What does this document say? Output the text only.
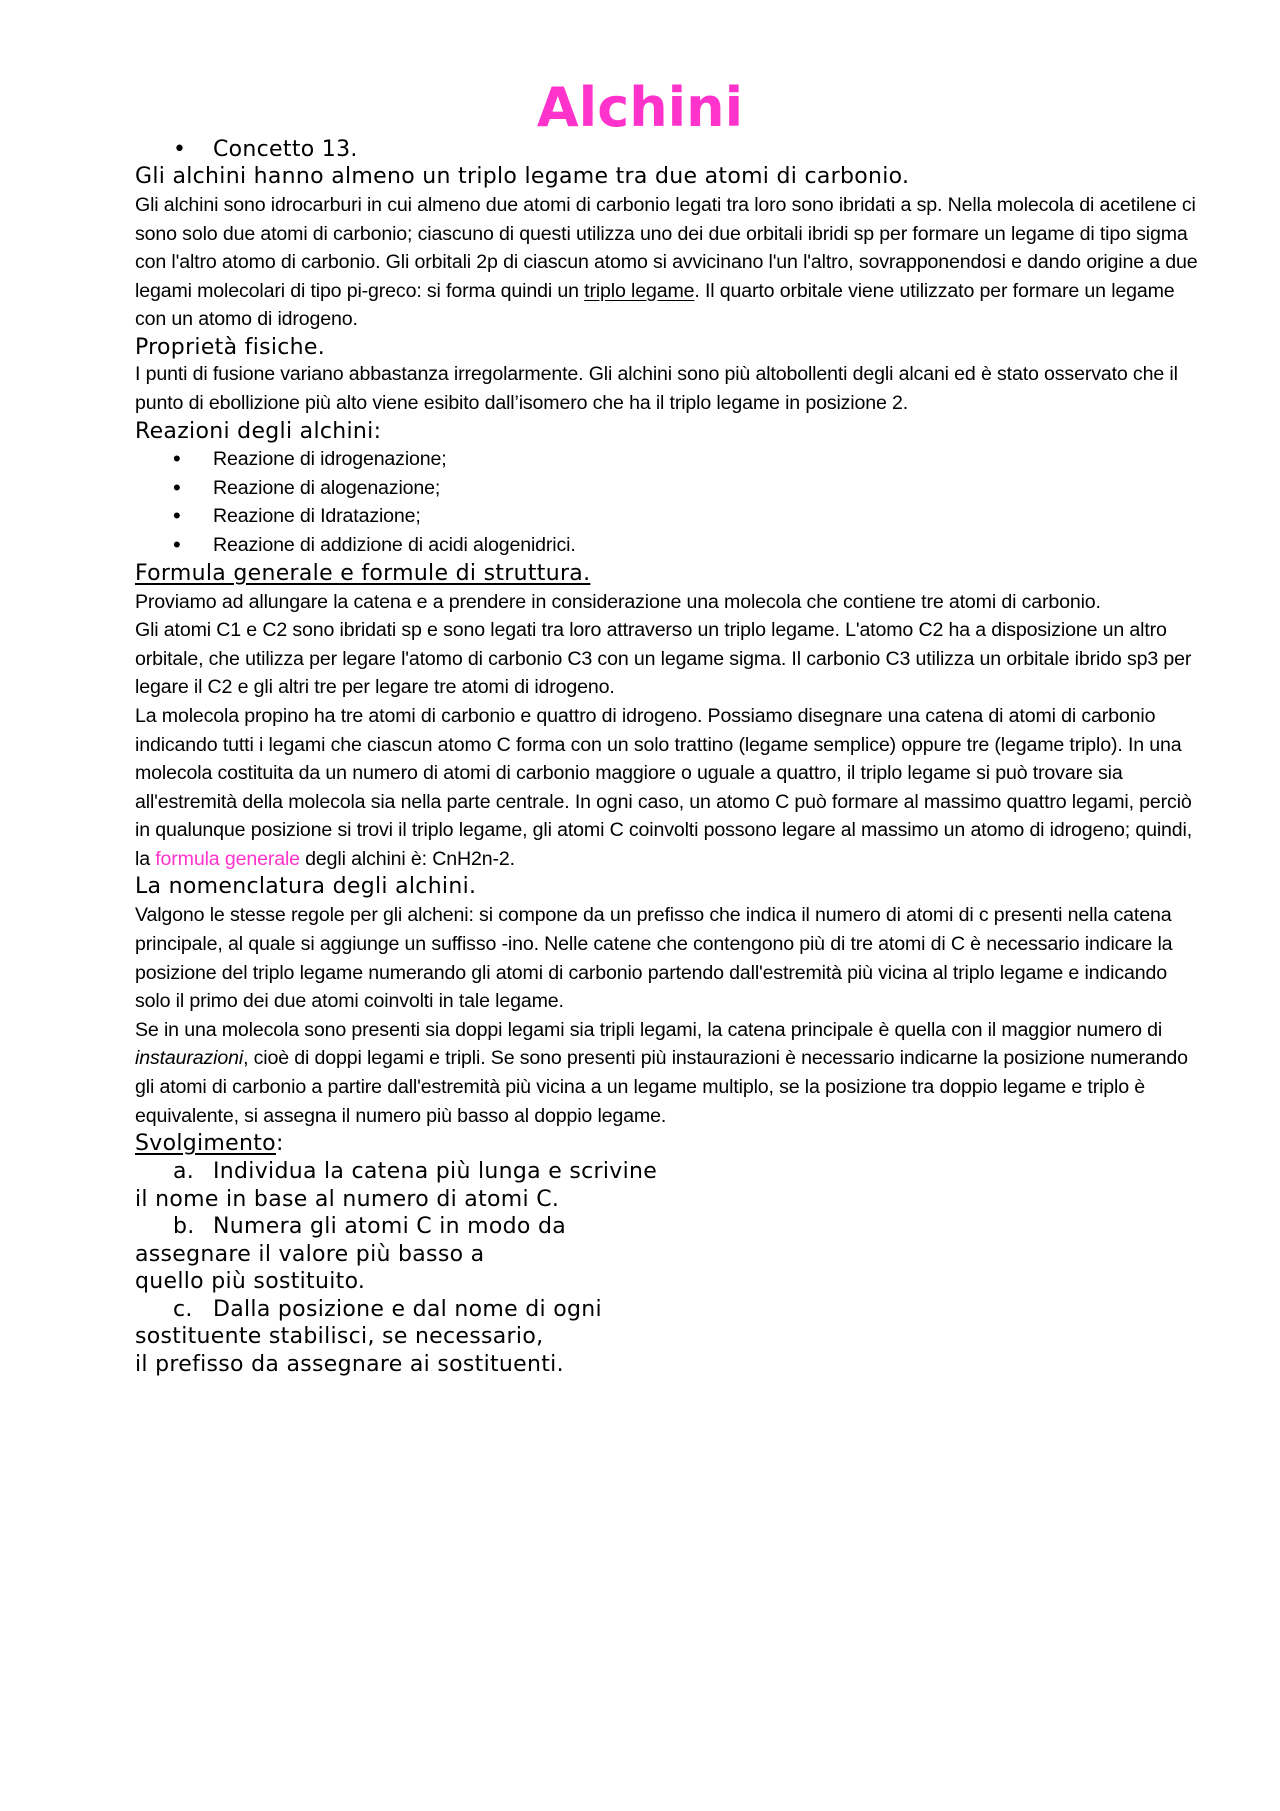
Alchini
• Concetto 13.

Gli alchini hanno almeno un triplo legame tra due atomi di carbonio.

Gli alchini sono idrocarburi in cui almeno due atomi di carbonio legati tra loro sono ibridati a sp. Nella molecola di acetilene ci sono solo due atomi di carbonio; ciascuno di questi utilizza uno dei due orbitali ibridi sp per formare un legame di tipo sigma con l'altro atomo di carbonio. Gli orbitali 2p di ciascun atomo si avvicinano l'un l'altro, sovrapponendosi e dando origine a due legami molecolari di tipo pi-greco: si forma quindi un triplo legame. Il quarto orbitale viene utilizzato per formare un legame con un atomo di idrogeno.

Proprietà fisiche.

I punti di fusione variano abbastanza irregolarmente. Gli alchini sono più altobollenti degli alcani ed è stato osservato che il punto di ebollizione più alto viene esibito dall’isomero che ha il triplo legame in posizione 2.

Reazioni degli alchini:

• Reazione di idrogenazione;
• Reazione di alogenazione;
• Reazione di Idratazione;
• Reazione di addizione di acidi alogenidrici.

Formula generale e formule di struttura.

Proviamo ad allungare la catena e a prendere in considerazione una molecola che contiene tre atomi di carbonio.

Gli atomi C1 e C2 sono ibridati sp e sono legati tra loro attraverso un triplo legame. L'atomo C2 ha a disposizione un altro orbitale, che utilizza per legare l'atomo di carbonio C3 con un legame sigma. Il carbonio C3 utilizza un orbitale ibrido sp3 per legare il C2 e gli altri tre per legare tre atomi di idrogeno.

La molecola propino ha tre atomi di carbonio e quattro di idrogeno. Possiamo disegnare una catena di atomi di carbonio indicando tutti i legami che ciascun atomo C forma con un solo trattino (legame semplice) oppure tre (legame triplo). In una molecola costituita da un numero di atomi di carbonio maggiore o uguale a quattro, il triplo legame si può trovare sia all'estremità della molecola sia nella parte centrale. In ogni caso, un atomo C può formare al massimo quattro legami, perciò in qualunque posizione si trovi il triplo legame, gli atomi C coinvolti possono legare al massimo un atomo di idrogeno; quindi, la formula generale degli alchini è: CnH2n-2.

La nomenclatura degli alchini.

Valgono le stesse regole per gli alcheni: si compone da un prefisso che indica il numero di atomi di c presenti nella catena principale, al quale si aggiunge un suffisso -ino. Nelle catene che contengono più di tre atomi di C è necessario indicare la posizione del triplo legame numerando gli atomi di carbonio partendo dall'estremità più vicina al triplo legame e indicando solo il primo dei due atomi coinvolti in tale legame.

Se in una molecola sono presenti sia doppi legami sia tripli legami, la catena principale è quella con il maggior numero di instaurazioni, cioè di doppi legami e tripli. Se sono presenti più instaurazioni è necessario indicarne la posizione numerando gli atomi di carbonio a partire dall'estremità più vicina a un legame multiplo, se la posizione tra doppio legame e triplo è equivalente, si assegna il numero più basso al doppio legame.

Svolgimento:

a. Individua la catena più lunga e scrivine
il nome in base al numero di atomi C.
b. Numera gli atomi C in modo da
assegnare il valore più basso a
quello più sostituito.
c. Dalla posizione e dal nome di ogni
sostituente stabilisci, se necessario,
il prefisso da assegnare ai sostituenti.
